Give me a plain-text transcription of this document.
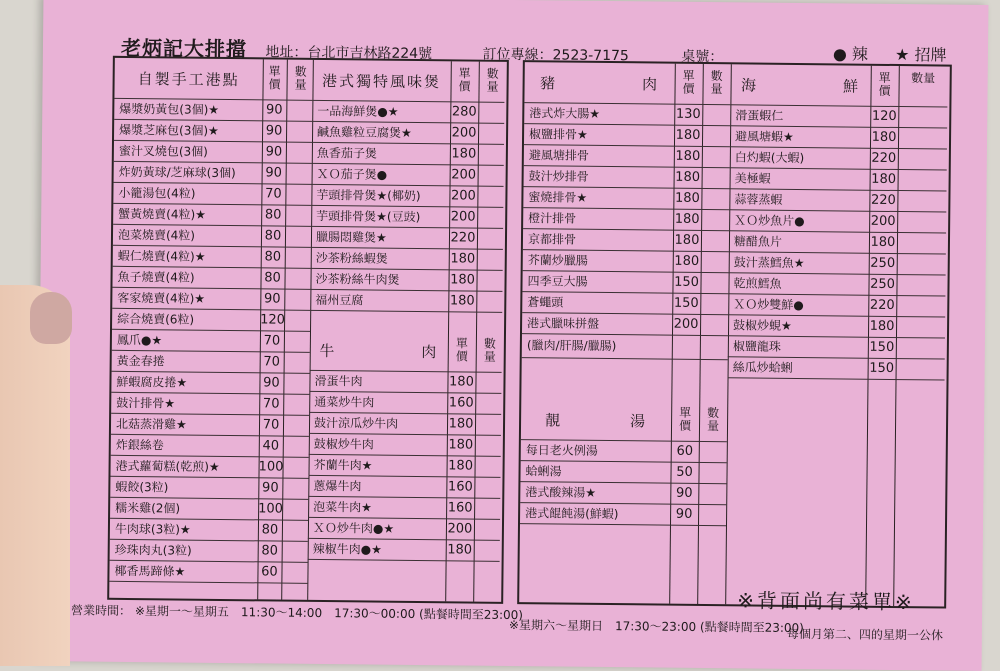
老炳記大排擋 地址：台北市吉林路224號	訂位專線：2523-7175	桌號：	● 辣 ★ 招牌
自製手工港點	單價
數量
爆漿奶黃包(3個)★	90
爆漿芝麻包(3個)★	90
蜜汁叉燒包(3個)	90
炸奶黃球/芝麻球(3個) 90
小籠湯包(4粒)	70
蟹黃燒賣(4粒)★	80
泡菜燒賣(4粒)	80
蝦仁燒賣(4粒)★	80
魚子燒賣(4粒)	80
客家燒賣(4粒)★	90
綜合燒賣(6粒)	120
鳳爪●★	70
黃金春捲	70
鮮蝦腐皮捲★	90
鼓汁排骨★	70
北菇蒸滑雞★	70
炸銀絲卷	40
港式蘿蔔糕(乾煎)★	100
蝦餃(3粒)	90
糯米雞(2個)	100
牛肉球(3粒)★	80
珍珠肉丸(3粒)	80
椰香馬蹄條★	60
港式獨特風味煲	單價
數量
一品海鮮煲●★	280
鹹魚雞粒豆腐煲★	200
魚香茄子煲	180
ＸＯ茄子煲●	200
芋頭排骨煲★(椰奶) 200
芋頭排骨煲★(豆豉) 200
臘腸悶雞煲★	220
沙茶粉絲蝦煲	180
沙茶粉絲牛肉煲	180
福州豆腐	180
牛　　　　　肉	單價
數量
滑蛋牛肉	180
通菜炒牛肉	160
鼓汁涼瓜炒牛肉	180
鼓椒炒牛肉	180
芥蘭牛肉★	180
蔥爆牛肉	160
泡菜牛肉★	160
ＸＯ炒牛肉●★	200
辣椒牛肉●★	180
豬　　　　　肉	單價
數量
港式炸大腸★	130
椒鹽排骨★	180
避風塘排骨	180
鼓汁炒排骨	180
蜜燒排骨★	180
橙汁排骨	180
京都排骨	180
芥蘭炒臘腸	180
四季豆大腸	150
蒼蠅頭	150
港式臘味拼盤	200
(臘肉/肝腸/臘腸)
靚　　　　湯	單價
數量
每日老火例湯	60
蛤蜊湯	50
港式酸辣湯★	90
港式餛飩湯(鮮蝦)	90
海　　　　　鮮	單價
數量
滑蛋蝦仁	120
避風塘蝦★	180
白灼蝦(大蝦)	220
美極蝦	180
蒜蓉蒸蝦	220
ＸＯ炒魚片●	200
糖醋魚片	180
鼓汁蒸鱈魚★	250
乾煎鱈魚	250
ＸＯ炒雙鮮●	220
鼓椒炒蜆★	180
椒鹽龍珠	150
絲瓜炒蛤蜊	150
※背面尚有菜單※
營業時間： ※星期一～星期五　11:30～14:00　17:30～00:00 (點餐時間至23:00)
※星期六～星期日　17:30～23:00 (點餐時間至23:00)
每個月第二、四的星期一公休
